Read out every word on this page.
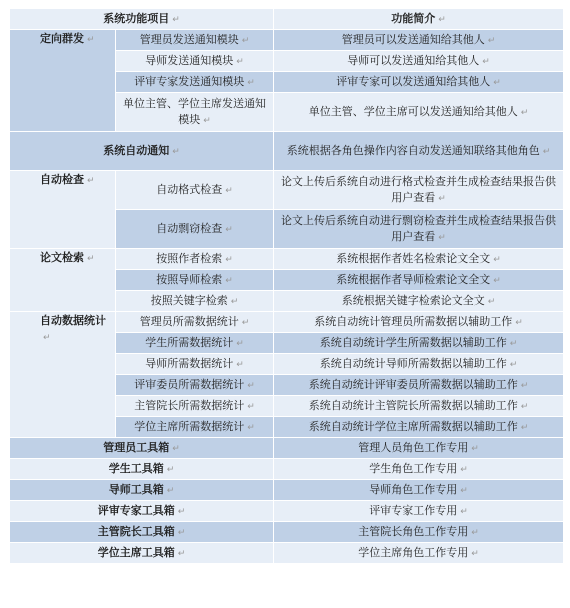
系统功能项目 ↵		功能简介 ↵
定向群发 ↵	管理员发送通知模块 ↵	管理员可以发送通知给其他人 ↵
	导师发送通知模块 ↵	导师可以发送通知给其他人 ↵
	评审专家发送通知模块 ↵	评审专家可以发送通知给其他人 ↵
	单位主管、学位主席发送通知模块 ↵	单位主管、学位主席可以发送通知给其他人 ↵
系统自动通知 ↵		系统根据各角色操作内容自动发送通知联络其他角色 ↵
自动检查 ↵	自动格式检查 ↵	论文上传后系统自动进行格式检查并生成检查结果报告供用户查看 ↵
	自动剽窃检查 ↵	论文上传后系统自动进行剽窃检查并生成检查结果报告供用户查看 ↵
论文检索 ↵	按照作者检索 ↵	系统根据作者姓名检索论文全文 ↵
	按照导师检索 ↵	系统根据作者导师检索论文全文 ↵
	按照关键字检索 ↵	系统根据关键字检索论文全文 ↵
自动数据统计↵	管理员所需数据统计 ↵	系统自动统计管理员所需数据以辅助工作 ↵
	学生所需数据统计 ↵	系统自动统计学生所需数据以辅助工作 ↵
	导师所需数据统计 ↵	系统自动统计导师所需数据以辅助工作 ↵
	评审委员所需数据统计 ↵	系统自动统计评审委员所需数据以辅助工作 ↵
	主管院长所需数据统计 ↵	系统自动统计主管院长所需数据以辅助工作 ↵
	学位主席所需数据统计 ↵	系统自动统计学位主席所需数据以辅助工作 ↵
管理员工具箱 ↵		管理人员角色工作专用 ↵
学生工具箱 ↵		学生角色工作专用 ↵
导师工具箱 ↵		导师角色工作专用 ↵
评审专家工具箱 ↵		评审专家工作专用 ↵
主管院长工具箱 ↵		主管院长角色工作专用 ↵
学位主席工具箱 ↵		学位主席角色工作专用 ↵
